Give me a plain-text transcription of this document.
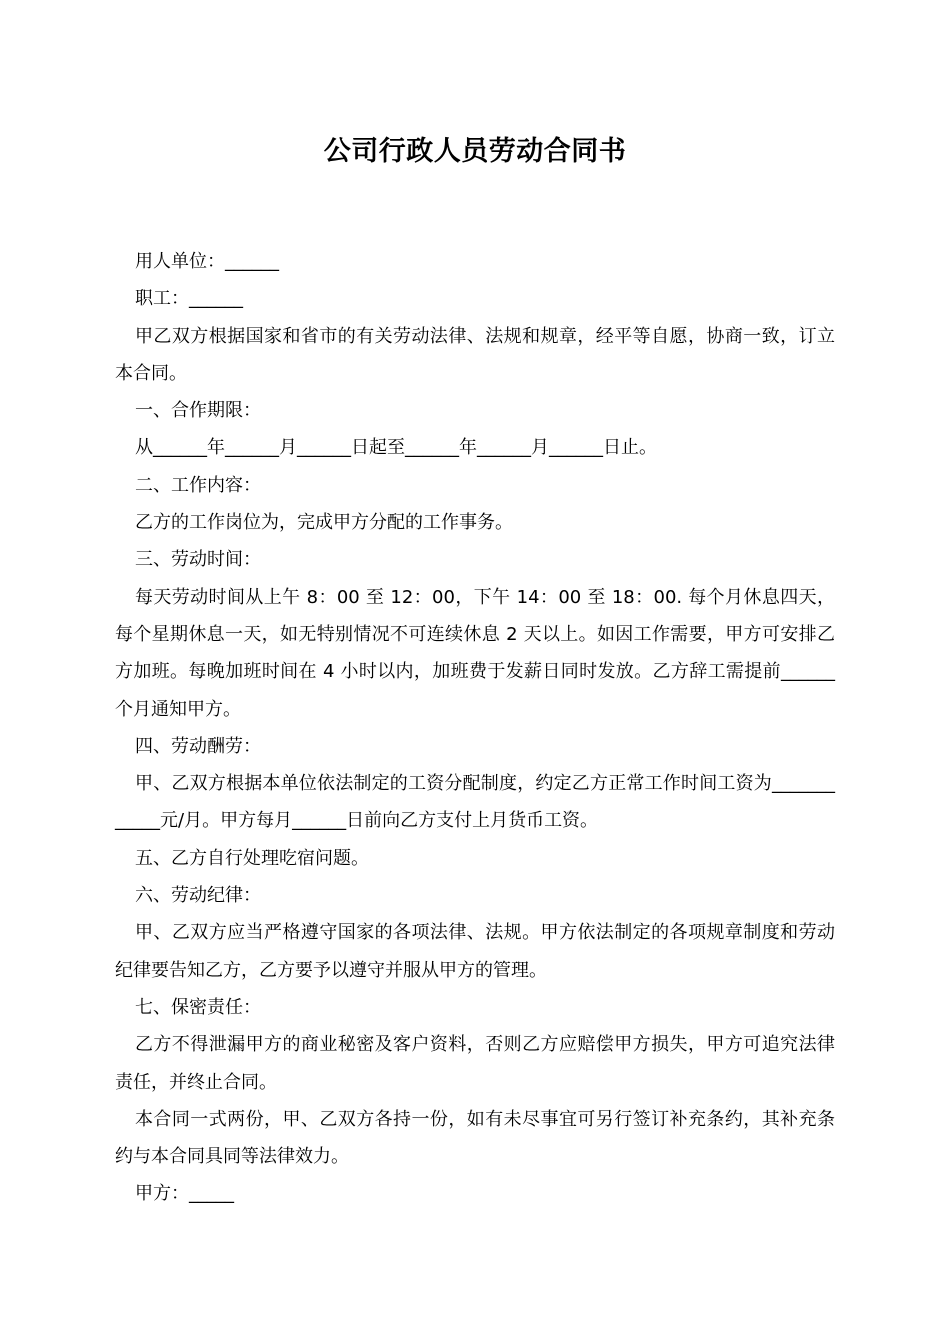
公司行政人员劳动合同书

用人单位：______

职工：______

甲乙双方根据国家和省市的有关劳动法律、法规和规章，经平等自愿，协商一致，订立本合同。

一、合作期限：

从______年______月______日起至______年______月______日止。

二、工作内容：

乙方的工作岗位为，完成甲方分配的工作事务。

三、劳动时间：

每天劳动时间从上午 8：00 至 12：00，下午 14：00 至 18：00. 每个月休息四天，每个星期休息一天，如无特别情况不可连续休息 2 天以上。如因工作需要，甲方可安排乙方加班。每晚加班时间在 4 小时以内，加班费于发薪日同时发放。乙方辞工需提前______个月通知甲方。

四、劳动酬劳：

甲、乙双方根据本单位依法制定的工资分配制度，约定乙方正常工作时间工资为____________元/月。甲方每月______日前向乙方支付上月货币工资。

五、乙方自行处理吃宿问题。

六、劳动纪律：

甲、乙双方应当严格遵守国家的各项法律、法规。甲方依法制定的各项规章制度和劳动纪律要告知乙方，乙方要予以遵守并服从甲方的管理。

七、保密责任：

乙方不得泄漏甲方的商业秘密及客户资料，否则乙方应赔偿甲方损失，甲方可追究法律责任，并终止合同。

本合同一式两份，甲、乙双方各持一份，如有未尽事宜可另行签订补充条约，其补充条约与本合同具同等法律效力。

甲方：_____
